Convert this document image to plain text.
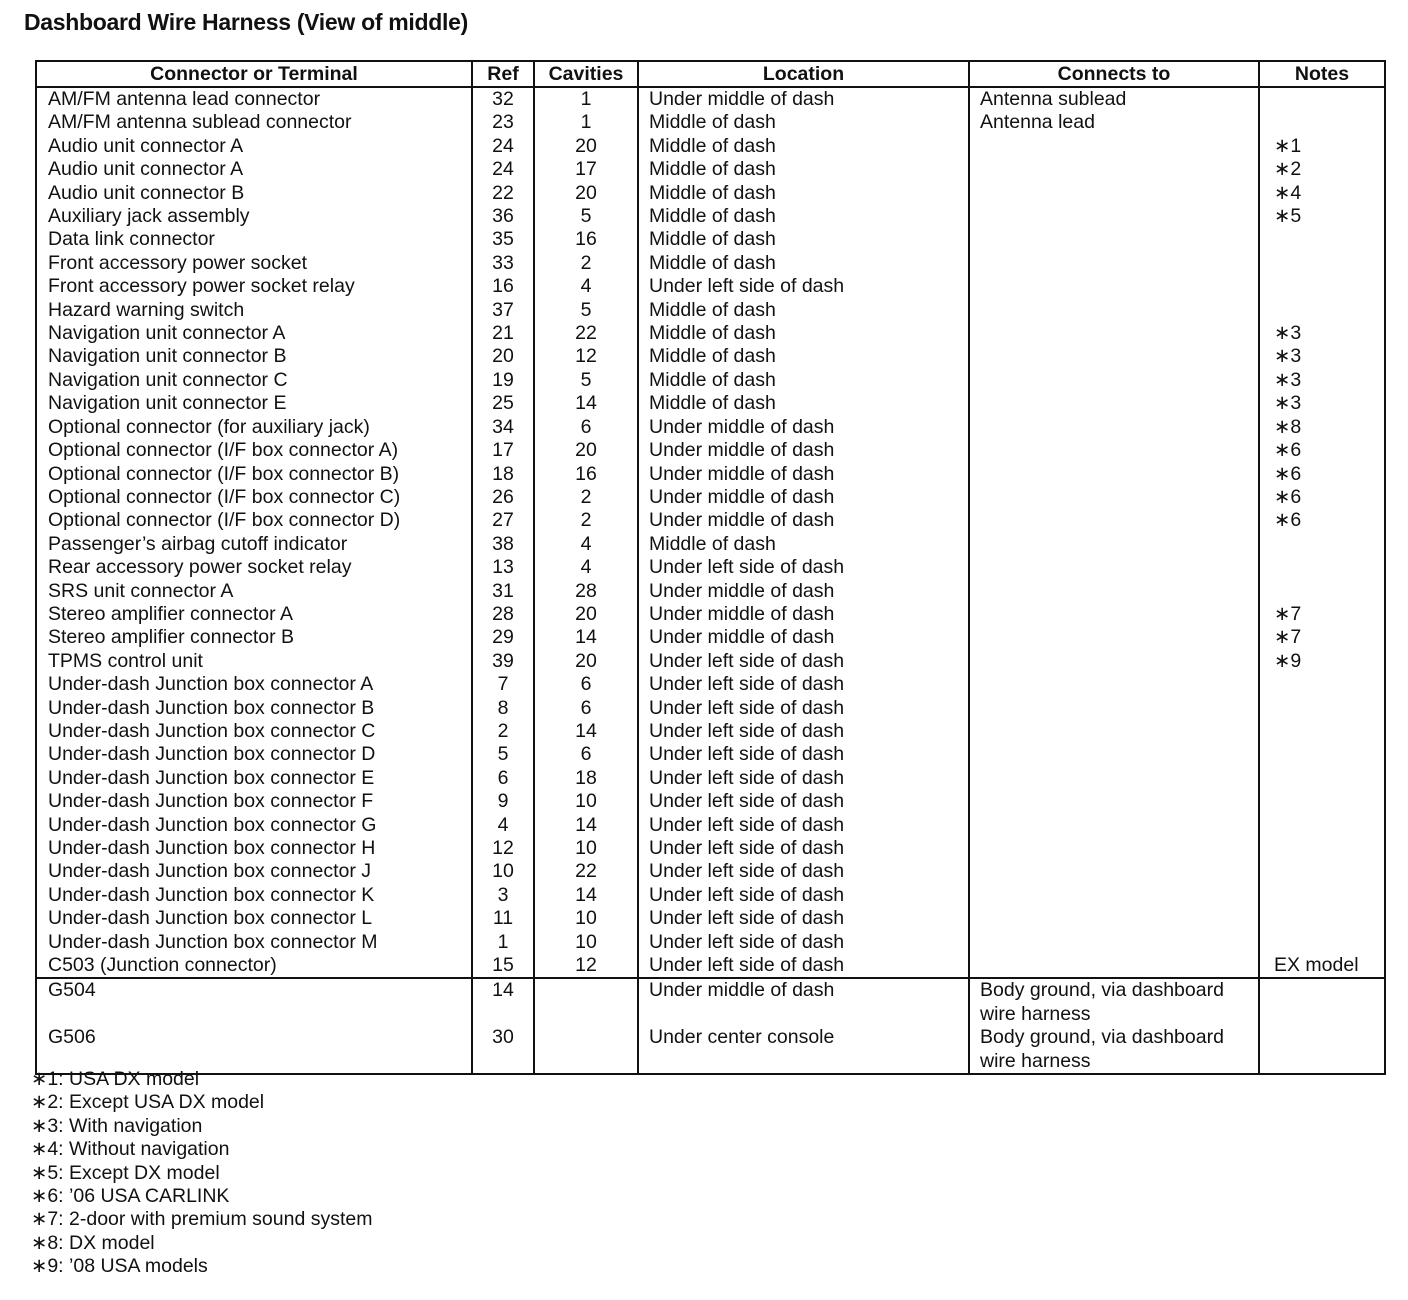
Dashboard Wire Harness (View of middle)
Connector or Terminal	Ref	Cavities	Location	Connects to	Notes
AM/FM antenna lead connector	32	1	Under middle of dash	Antenna sublead	
AM/FM antenna sublead connector	23	1	Middle of dash	Antenna lead	
Audio unit connector A	24	20	Middle of dash		∗1
Audio unit connector A	24	17	Middle of dash		∗2
Audio unit connector B	22	20	Middle of dash		∗4
Auxiliary jack assembly	36	5	Middle of dash		∗5
Data link connector	35	16	Middle of dash		
Front accessory power socket	33	2	Middle of dash		
Front accessory power socket relay	16	4	Under left side of dash		
Hazard warning switch	37	5	Middle of dash		
Navigation unit connector A	21	22	Middle of dash		∗3
Navigation unit connector B	20	12	Middle of dash		∗3
Navigation unit connector C	19	5	Middle of dash		∗3
Navigation unit connector E	25	14	Middle of dash		∗3
Optional connector (for auxiliary jack)	34	6	Under middle of dash		∗8
Optional connector (I/F box connector A)	17	20	Under middle of dash		∗6
Optional connector (I/F box connector B)	18	16	Under middle of dash		∗6
Optional connector (I/F box connector C)	26	2	Under middle of dash		∗6
Optional connector (I/F box connector D)	27	2	Under middle of dash		∗6
Passenger’s airbag cutoff indicator	38	4	Middle of dash		
Rear accessory power socket relay	13	4	Under left side of dash		
SRS unit connector A	31	28	Under middle of dash		
Stereo amplifier connector A	28	20	Under middle of dash		∗7
Stereo amplifier connector B	29	14	Under middle of dash		∗7
TPMS control unit	39	20	Under left side of dash		∗9
Under-dash Junction box connector A	7	6	Under left side of dash		
Under-dash Junction box connector B	8	6	Under left side of dash		
Under-dash Junction box connector C	2	14	Under left side of dash		
Under-dash Junction box connector D	5	6	Under left side of dash		
Under-dash Junction box connector E	6	18	Under left side of dash		
Under-dash Junction box connector F	9	10	Under left side of dash		
Under-dash Junction box connector G	4	14	Under left side of dash		
Under-dash Junction box connector H	12	10	Under left side of dash		
Under-dash Junction box connector J	10	22	Under left side of dash		
Under-dash Junction box connector K	3	14	Under left side of dash		
Under-dash Junction box connector L	11	10	Under left side of dash		
Under-dash Junction box connector M	1	10	Under left side of dash		
C503 (Junction connector)	15	12	Under left side of dash		EX model
G504	14		Under middle of dash	Body ground, via dashboard wire harness	
G506	30		Under center console	Body ground, via dashboard wire harness	
∗1: USA DX model
∗2: Except USA DX model
∗3: With navigation
∗4: Without navigation
∗5: Except DX model
∗6: ’06 USA CARLINK
∗7: 2-door with premium sound system
∗8: DX model
∗9: ’08 USA models
